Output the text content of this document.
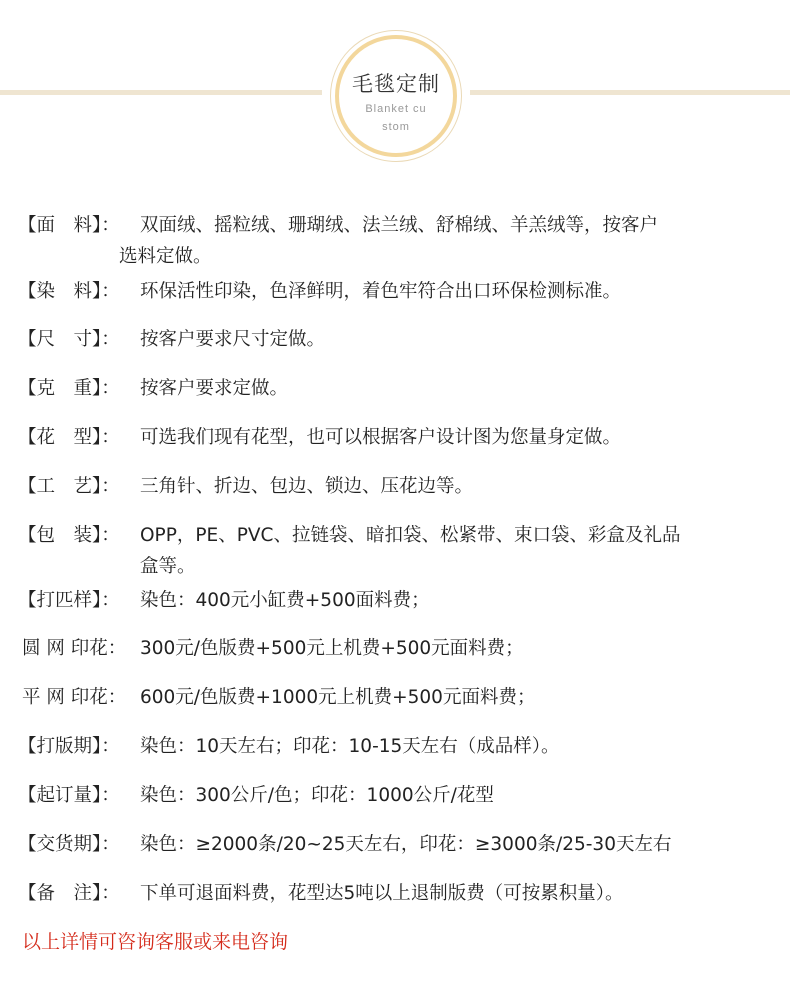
毛毯定制
Blanket cu
stom
【面　料】： 双面绒、摇粒绒、珊瑚绒、法兰绒、舒棉绒、羊羔绒等，按客户
选料定做。
【染　料】： 环保活性印染，色泽鲜明，着色牢符合出口环保检测标准。
【尺　寸】： 按客户要求尺寸定做。
【克　重】： 按客户要求定做。
【花　型】： 可选我们现有花型，也可以根据客户设计图为您量身定做。
【工　艺】： 三角针、折边、包边、锁边、压花边等。
【包　装】： OPP，PE、PVC、拉链袋、暗扣袋、松紧带、束口袋、彩盒及礼品
盒等。
【打匹样】： 染色：400元小缸费+500面料费；
圆 网 印花： 300元/色版费+500元上机费+500元面料费；
平 网 印花： 600元/色版费+1000元上机费+500元面料费；
【打版期】： 染色：10天左右；印花：10-15天左右（成品样）。
【起订量】： 染色：300公斤/色；印花：1000公斤/花型
【交货期】： 染色：≥2000条/20~25天左右，印花：≥3000条/25-30天左右
【备　注】： 下单可退面料费，花型达5吨以上退制版费（可按累积量）。
以上详情可咨询客服或来电咨询
